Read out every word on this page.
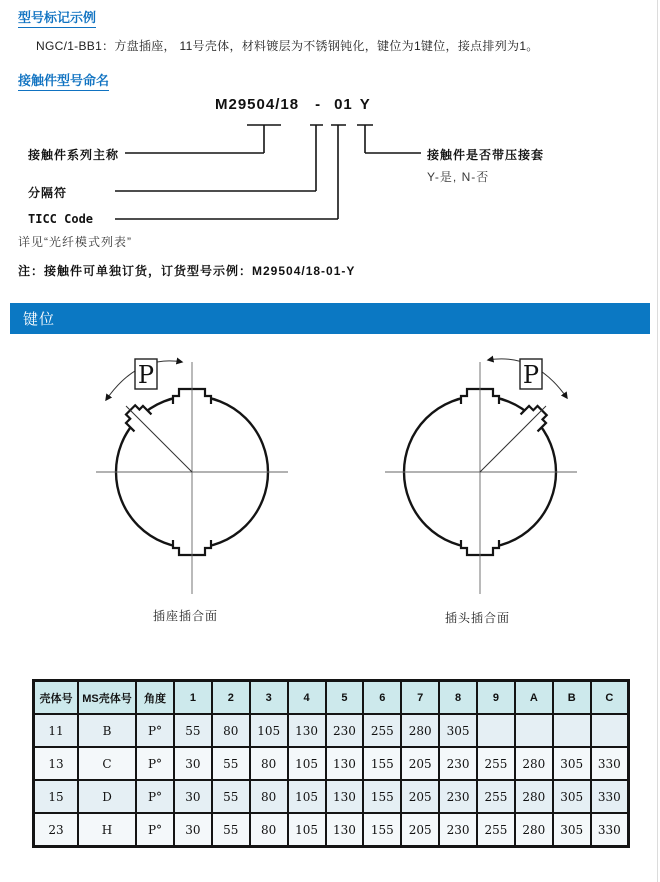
型号标记示例
NGC/1-BB1：方盘插座， 11号壳体，材料镀层为不锈钢钝化，键位为1键位，接点排列为1。
接触件型号命名
M29504/18 - 01 Y
接触件系列主称
分隔符
TICC Code
详见“光纤模式列表”
接触件是否带压接套
Y-是, N-否
注：接触件可单独订货，订货型号示例：M29504/18-01-Y
键位
P	P
插座插合面	插头插合面
壳体号	MS壳体号	角度	1	2	3	4	5	6	7	8	9	A	B	C
11	B	P°	55	80	105	130	230	255	280	305				
13	C	P°	30	55	80	105	130	155	205	230	255	280	305	330
15	D	P°	30	55	80	105	130	155	205	230	255	280	305	330
23	H	P°	30	55	80	105	130	155	205	230	255	280	305	330
